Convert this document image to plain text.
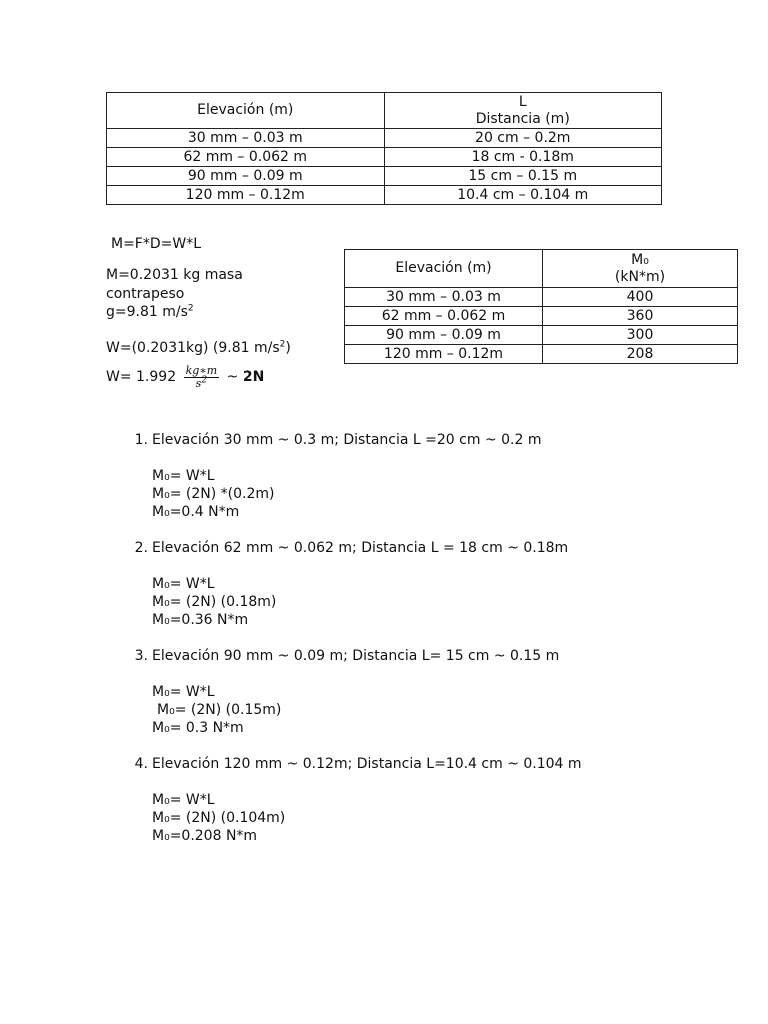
Elevación (m)	L
Distancia (m)
30 mm – 0.03 m	20 cm – 0.2m
62 mm – 0.062 m	18 cm - 0.18m
90 mm – 0.09 m	15 cm – 0.15 m
120 mm – 0.12m	10.4 cm – 0.104 m
M=F*D=W*L
M=0.2031 kg masa
contrapeso
g=9.81 $m/s^2$
W=(0.2031kg) (9.81 $m/s^2$)
$W= 1.992 \frac{kg∗m}{s^2}$ ~ 2N
Elevación (m)	M₀
(kN*m)
30 mm – 0.03 m	400
62 mm – 0.062 m	360
90 mm – 0.09 m	300
120 mm – 0.12m	208
1. Elevación 30 mm ~ 0.3 m; Distancia L =20 cm ~ 0.2 m
M₀= W*L
M₀= (2N) *(0.2m)
M₀=0.4 N*m
2. Elevación 62 mm ~ 0.062 m; Distancia L = 18 cm ~ 0.18m
M₀= W*L
M₀= (2N) (0.18m)
M₀=0.36 N*m
3. Elevación 90 mm ~ 0.09 m; Distancia L= 15 cm ~ 0.15 m
M₀= W*L
M₀= (2N) (0.15m)
M₀= 0.3 N*m
4. Elevación 120 mm ~ 0.12m; Distancia L=10.4 cm ~ 0.104 m
M₀= W*L
M₀= (2N) (0.104m)
M₀=0.208 N*m
